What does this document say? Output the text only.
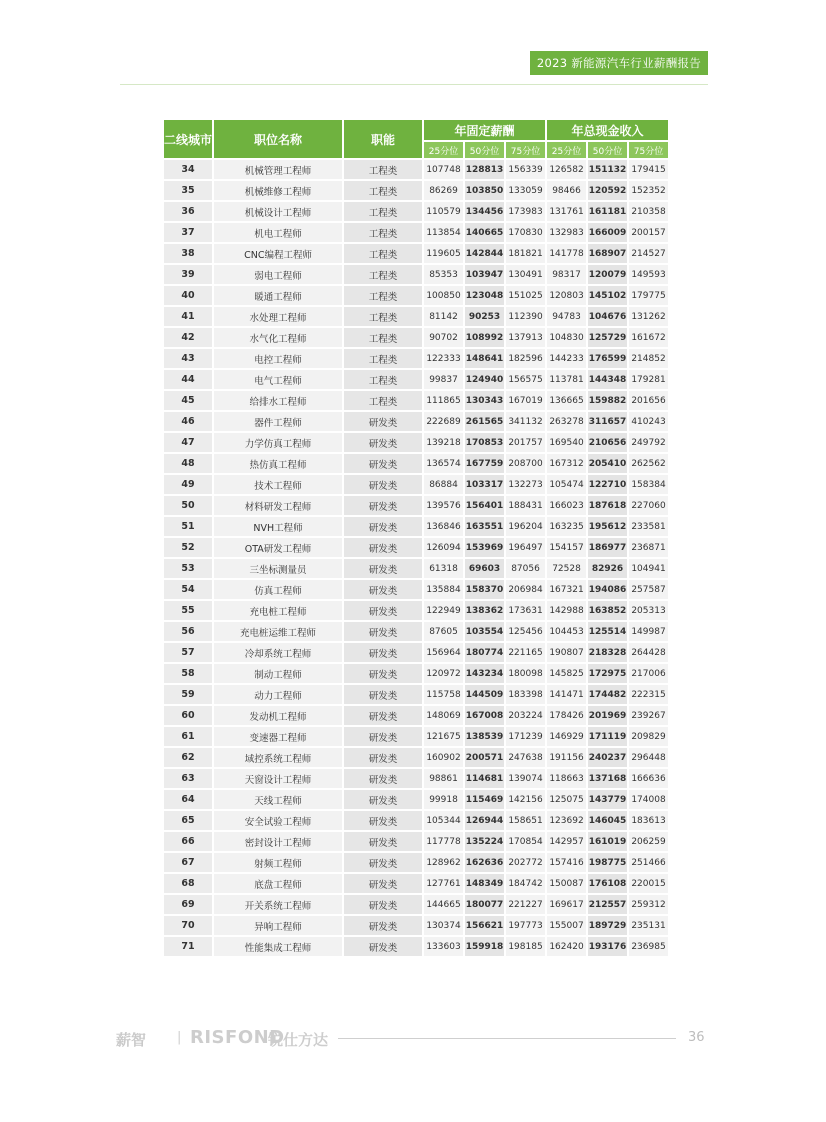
2023 新能源汽车行业薪酬报告
二线城市	职位名称	职能	年固定薪酬			年总现金收入		
			25分位	50分位	75分位	25分位	50分位	75分位
34	机械管理工程师	工程类	107748	128813	156339	126582	151132	179415
35	机械维修工程师	工程类	86269	103850	133059	98466	120592	152352
36	机械设计工程师	工程类	110579	134456	173983	131761	161181	210358
37	机电工程师	工程类	113854	140665	170830	132983	166009	200157
38	CNC编程工程师	工程类	119605	142844	181821	141778	168907	214527
39	弱电工程师	工程类	85353	103947	130491	98317	120079	149593
40	暖通工程师	工程类	100850	123048	151025	120803	145102	179775
41	水处理工程师	工程类	81142	90253	112390	94783	104676	131262
42	水气化工程师	工程类	90702	108992	137913	104830	125729	161672
43	电控工程师	工程类	122333	148641	182596	144233	176599	214852
44	电气工程师	工程类	99837	124940	156575	113781	144348	179281
45	给排水工程师	工程类	111865	130343	167019	136665	159882	201656
46	器件工程师	研发类	222689	261565	341132	263278	311657	410243
47	力学仿真工程师	研发类	139218	170853	201757	169540	210656	249792
48	热仿真工程师	研发类	136574	167759	208700	167312	205410	262562
49	技术工程师	研发类	86884	103317	132273	105474	122710	158384
50	材料研发工程师	研发类	139576	156401	188431	166023	187618	227060
51	NVH工程师	研发类	136846	163551	196204	163235	195612	233581
52	OTA研发工程师	研发类	126094	153969	196497	154157	186977	236871
53	三坐标测量员	研发类	61318	69603	87056	72528	82926	104941
54	仿真工程师	研发类	135884	158370	206984	167321	194086	257587
55	充电桩工程师	研发类	122949	138362	173631	142988	163852	205313
56	充电桩运维工程师	研发类	87605	103554	125456	104453	125514	149987
57	冷却系统工程师	研发类	156964	180774	221165	190807	218328	264428
58	制动工程师	研发类	120972	143234	180098	145825	172975	217006
59	动力工程师	研发类	115758	144509	183398	141471	174482	222315
60	发动机工程师	研发类	148069	167008	203224	178426	201969	239267
61	变速器工程师	研发类	121675	138539	171239	146929	171119	209829
62	域控系统工程师	研发类	160902	200571	247638	191156	240237	296448
63	天窗设计工程师	研发类	98861	114681	139074	118663	137168	166636
64	天线工程师	研发类	99918	115469	142156	125075	143779	174008
65	安全试验工程师	研发类	105344	126944	158651	123692	146045	183613
66	密封设计工程师	研发类	117778	135224	170854	142957	161019	206259
67	射频工程师	研发类	128962	162636	202772	157416	198775	251466
68	底盘工程师	研发类	127761	148349	184742	150087	176108	220015
69	开关系统工程师	研发类	144665	180077	221227	169617	212557	259312
70	异响工程师	研发类	130374	156621	197773	155007	189729	235131
71	性能集成工程师	研发类	133603	159918	198185	162420	193176	236985
薪智 | RISFOND
锐仕方达	36
